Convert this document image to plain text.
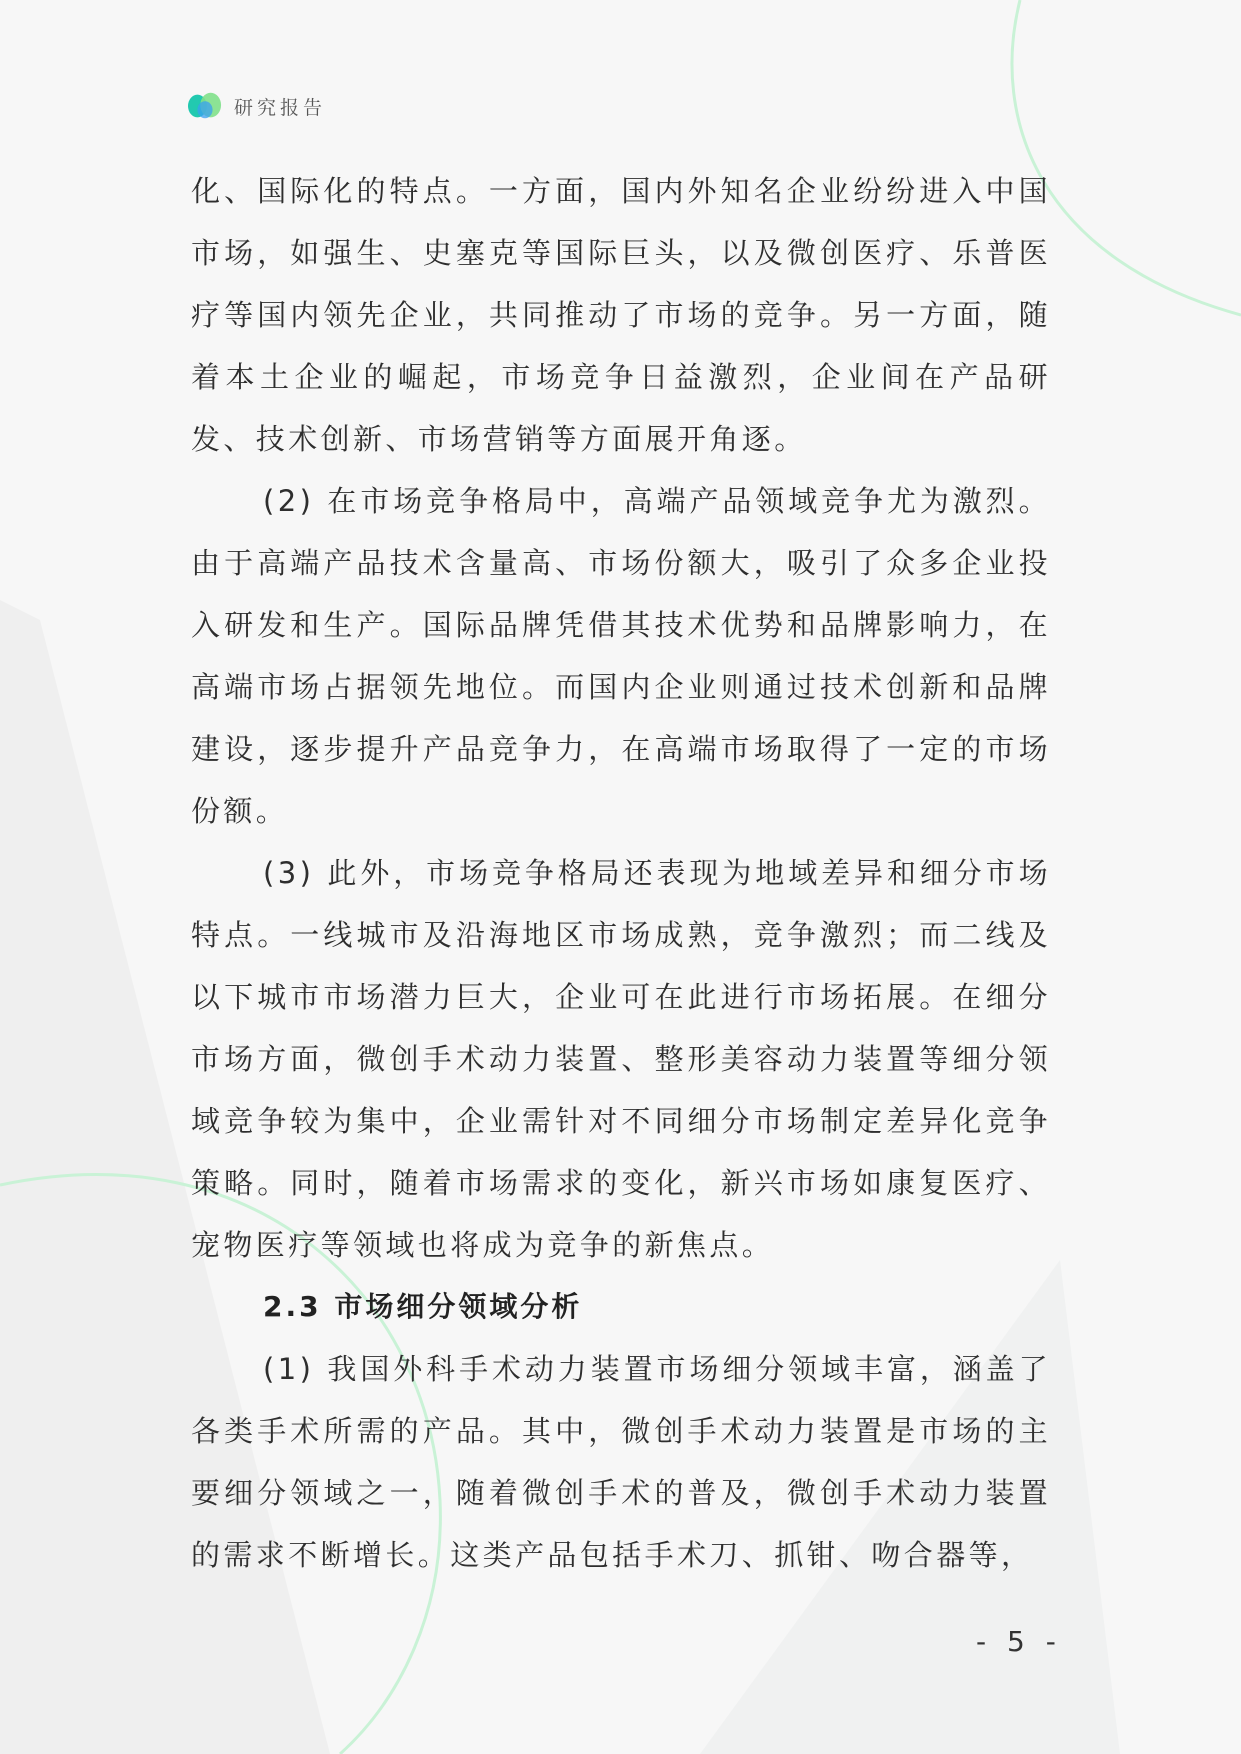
研究报告

化、国际化的特点。一方面，国内外知名企业纷纷进入中国市场，如强生、史塞克等国际巨头，以及微创医疗、乐普医疗等国内领先企业，共同推动了市场的竞争。另一方面，随着本土企业的崛起，市场竞争日益激烈，企业间在产品研发、技术创新、市场营销等方面展开角逐。

(2) 在市场竞争格局中，高端产品领域竞争尤为激烈。由于高端产品技术含量高、市场份额大，吸引了众多企业投入研发和生产。国际品牌凭借其技术优势和品牌影响力，在高端市场占据领先地位。而国内企业则通过技术创新和品牌建设，逐步提升产品竞争力，在高端市场取得了一定的市场份额。

(3) 此外，市场竞争格局还表现为地域差异和细分市场特点。一线城市及沿海地区市场成熟，竞争激烈；而二线及以下城市市场潜力巨大，企业可在此进行市场拓展。在细分市场方面，微创手术动力装置、整形美容动力装置等细分领域竞争较为集中，企业需针对不同细分市场制定差异化竞争策略。同时，随着市场需求的变化，新兴市场如康复医疗、宠物医疗等领域也将成为竞争的新焦点。

2.3 市场细分领域分析

(1) 我国外科手术动力装置市场细分领域丰富，涵盖了各类手术所需的产品。其中，微创手术动力装置是市场的主要细分领域之一，随着微创手术的普及，微创手术动力装置的需求不断增长。这类产品包括手术刀、抓钳、吻合器等，

- 5 -
